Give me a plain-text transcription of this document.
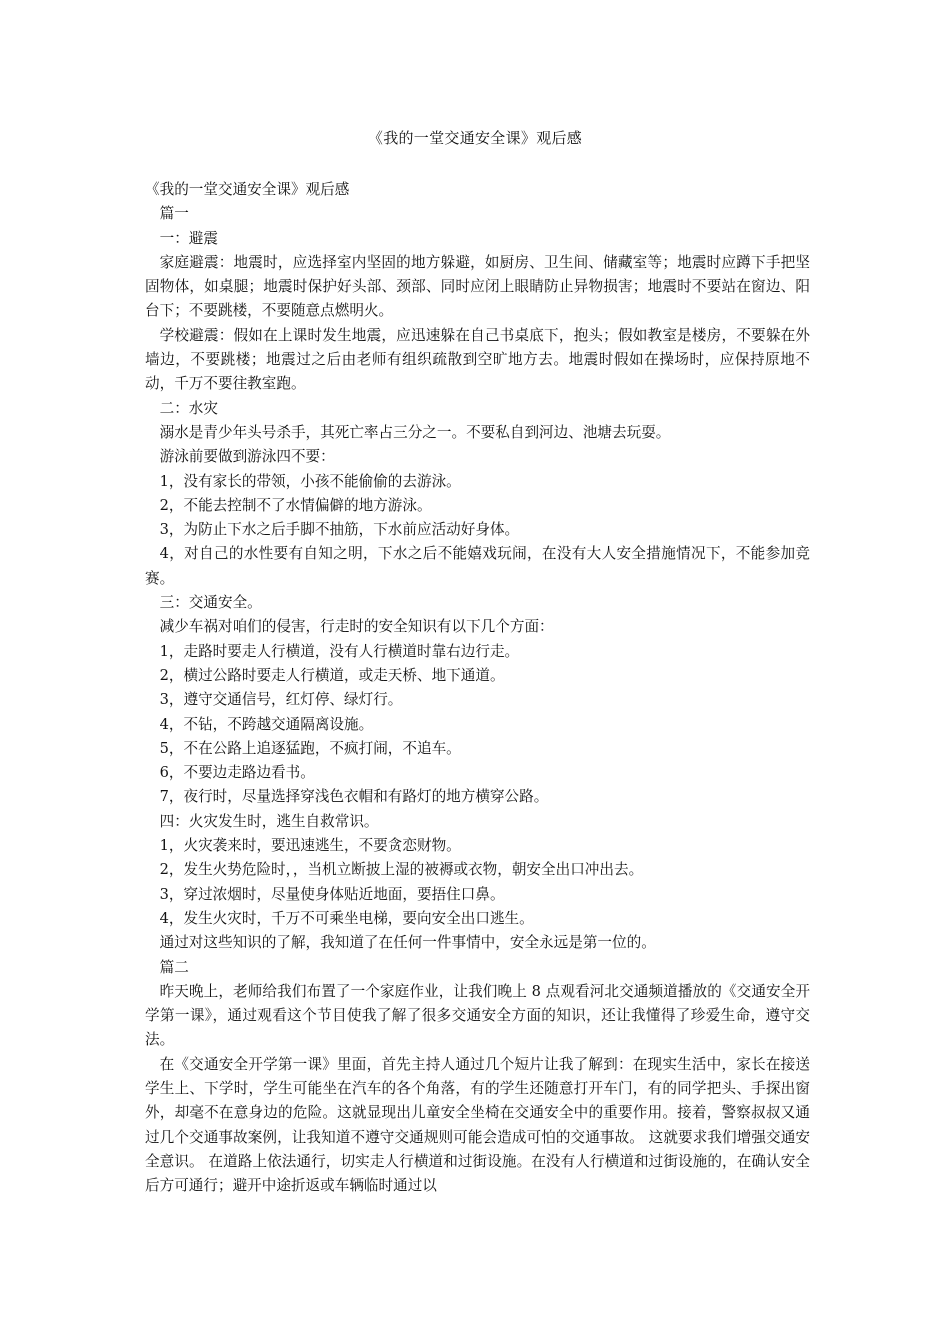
《我的一堂交通安全课》观后感

《我的一堂交通安全课》观后感

篇一

一：避震

家庭避震：地震时，应选择室内坚固的地方躲避，如厨房、卫生间、储藏室等；地震时应蹲下手把坚固物体，如桌腿；地震时保护好头部、颈部、同时应闭上眼睛防止异物损害；地震时不要站在窗边、阳台下；不要跳楼，不要随意点燃明火。

学校避震：假如在上课时发生地震，应迅速躲在自己书桌底下，抱头；假如教室是楼房，不要躲在外墙边，不要跳楼；地震过之后由老师有组织疏散到空旷地方去。地震时假如在操场时，应保持原地不动，千万不要往教室跑。

二：水灾

溺水是青少年头号杀手，其死亡率占三分之一。不要私自到河边、池塘去玩耍。

游泳前要做到游泳四不要：

1，没有家长的带领，小孩不能偷偷的去游泳。

2，不能去控制不了水情偏僻的地方游泳。

3，为防止下水之后手脚不抽筋，下水前应活动好身体。

4，对自己的水性要有自知之明，下水之后不能嬉戏玩闹，在没有大人安全措施情况下，不能参加竞赛。

三：交通安全。

减少车祸对咱们的侵害，行走时的安全知识有以下几个方面：

1，走路时要走人行横道，没有人行横道时靠右边行走。

2，横过公路时要走人行横道，或走天桥、地下通道。

3，遵守交通信号，红灯停、绿灯行。

4，不钻，不跨越交通隔离设施。

5，不在公路上追逐猛跑，不疯打闹，不追车。

6，不要边走路边看书。

7，夜行时，尽量选择穿浅色衣帽和有路灯的地方横穿公路。

四：火灾发生时，逃生自救常识。

1，火灾袭来时，要迅速逃生，不要贪恋财物。

2，发生火势危险时，，当机立断披上湿的被褥或衣物，朝安全出口冲出去。

3，穿过浓烟时，尽量使身体贴近地面，要捂住口鼻。

4，发生火灾时，千万不可乘坐电梯，要向安全出口逃生。

通过对这些知识的了解，我知道了在任何一件事情中，安全永远是第一位的。

篇二

昨天晚上，老师给我们布置了一个家庭作业，让我们晚上 8 点观看河北交通频道播放的《交通安全开学第一课》，通过观看这个节目使我了解了很多交通安全方面的知识，还让我懂得了珍爱生命，遵守交法。

在《交通安全开学第一课》里面，首先主持人通过几个短片让我了解到：在现实生活中，家长在接送学生上、下学时，学生可能坐在汽车的各个角落，有的学生还随意打开车门，有的同学把头、手探出窗外，却毫不在意身边的危险。这就显现出儿童安全坐椅在交通安全中的重要作用。接着，警察叔叔又通过几个交通事故案例，让我知道不遵守交通规则可能会造成可怕的交通事故。 这就要求我们增强交通安全意识。 在道路上依法通行，切实走人行横道和过街设施。在没有人行横道和过街设施的，在确认安全后方可通行；避开中途折返或车辆临时通过以
